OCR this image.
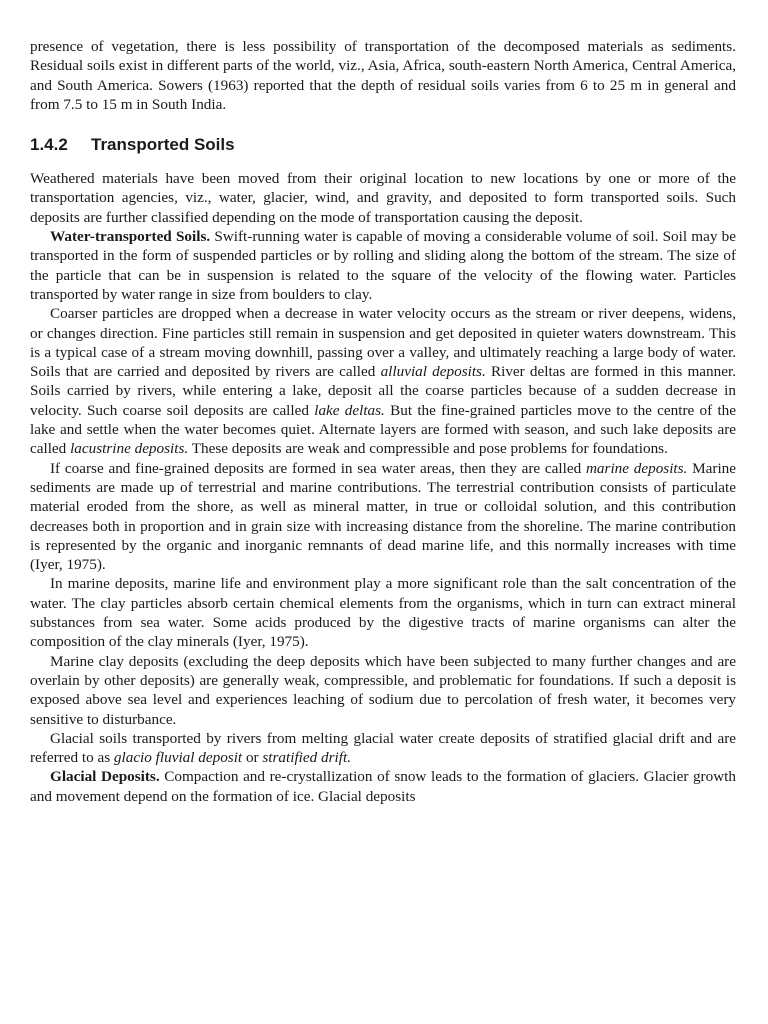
presence of vegetation, there is less possibility of transportation of the decomposed materials as sediments. Residual soils exist in different parts of the world, viz., Asia, Africa, south-eastern North America, Central America, and South America. Sowers (1963) reported that the depth of residual soils varies from 6 to 25 m in general and from 7.5 to 15 m in South India.

1.4.2 Transported Soils

Weathered materials have been moved from their original location to new locations by one or more of the transportation agencies, viz., water, glacier, wind, and gravity, and deposited to form transported soils. Such deposits are further classified depending on the mode of transportation causing the deposit.

Water-transported Soils. Swift-running water is capable of moving a considerable volume of soil. Soil may be transported in the form of suspended particles or by rolling and sliding along the bottom of the stream. The size of the particle that can be in suspension is related to the square of the velocity of the flowing water. Particles transported by water range in size from boulders to clay.

Coarser particles are dropped when a decrease in water velocity occurs as the stream or river deepens, widens, or changes direction. Fine particles still remain in suspension and get deposited in quieter waters downstream. This is a typical case of a stream moving downhill, passing over a valley, and ultimately reaching a large body of water. Soils that are carried and deposited by rivers are called alluvial deposits. River deltas are formed in this manner. Soils carried by rivers, while entering a lake, deposit all the coarse particles because of a sudden decrease in velocity. Such coarse soil deposits are called lake deltas. But the fine-grained particles move to the centre of the lake and settle when the water becomes quiet. Alternate layers are formed with season, and such lake deposits are called lacustrine deposits. These deposits are weak and compressible and pose problems for foundations.

If coarse and fine-grained deposits are formed in sea water areas, then they are called marine deposits. Marine sediments are made up of terrestrial and marine contributions. The terrestrial contribution consists of particulate material eroded from the shore, as well as mineral matter, in true or colloidal solution, and this contribution decreases both in proportion and in grain size with increasing distance from the shoreline. The marine contribution is represented by the organic and inorganic remnants of dead marine life, and this normally increases with time (Iyer, 1975).

In marine deposits, marine life and environment play a more significant role than the salt concentration of the water. The clay particles absorb certain chemical elements from the organisms, which in turn can extract mineral substances from sea water. Some acids produced by the digestive tracts of marine organisms can alter the composition of the clay minerals (Iyer, 1975).

Marine clay deposits (excluding the deep deposits which have been subjected to many further changes and are overlain by other deposits) are generally weak, compressible, and problematic for foundations. If such a deposit is exposed above sea level and experiences leaching of sodium due to percolation of fresh water, it becomes very sensitive to disturbance.

Glacial soils transported by rivers from melting glacial water create deposits of stratified glacial drift and are referred to as glacio fluvial deposit or stratified drift.

Glacial Deposits. Compaction and re-crystallization of snow leads to the formation of glaciers. Glacier growth and movement depend on the formation of ice. Glacial deposits
